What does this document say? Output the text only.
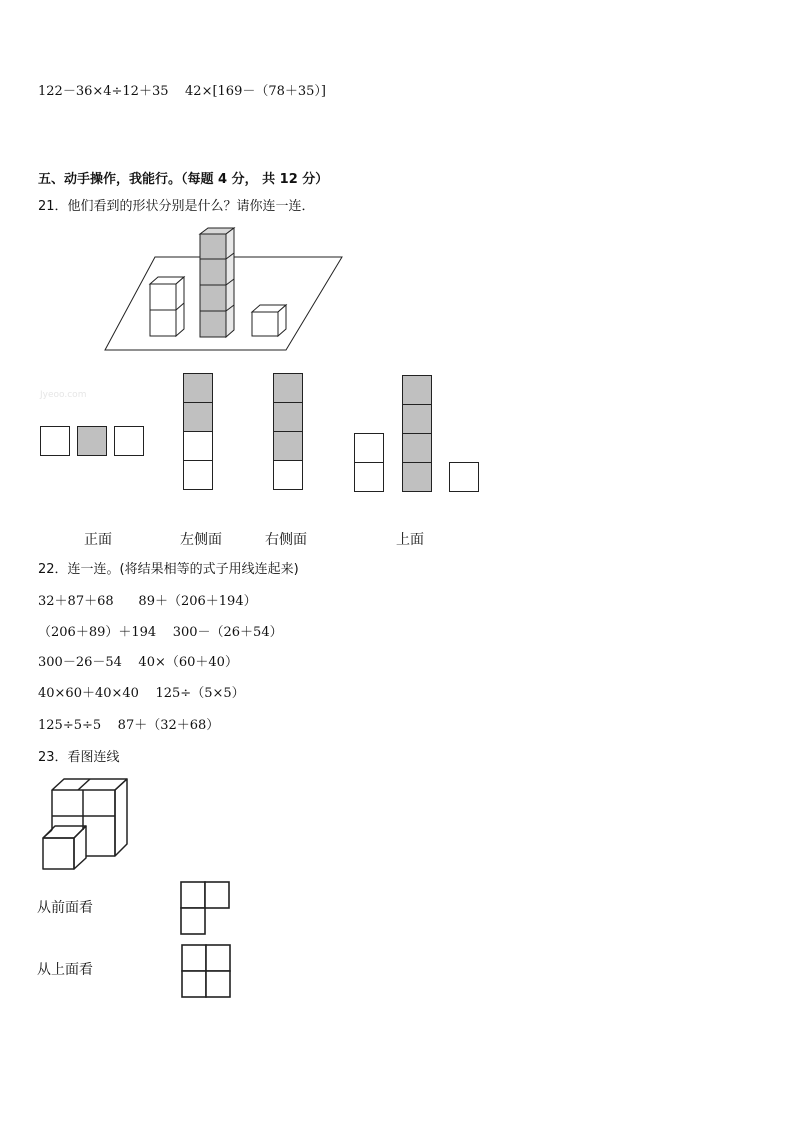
122－36×4÷12＋35    42×[169－（78＋35）]
五、动手操作，我能行。（每题 4 分， 共 12 分）
21．他们看到的形状分别是什么？请你连一连．
Jyeoo.com
正面	左侧面	右侧面	上面
22．连一连。(将结果相等的式子用线连起来)
32＋87＋68      89＋（206＋194）
（206＋89）＋194    300－（26＋54）
300－26－54    40×（60＋40）
40×60＋40×40    125÷（5×5）
125÷5÷5    87＋（32＋68）
23．看图连线
从前面看
从上面看
